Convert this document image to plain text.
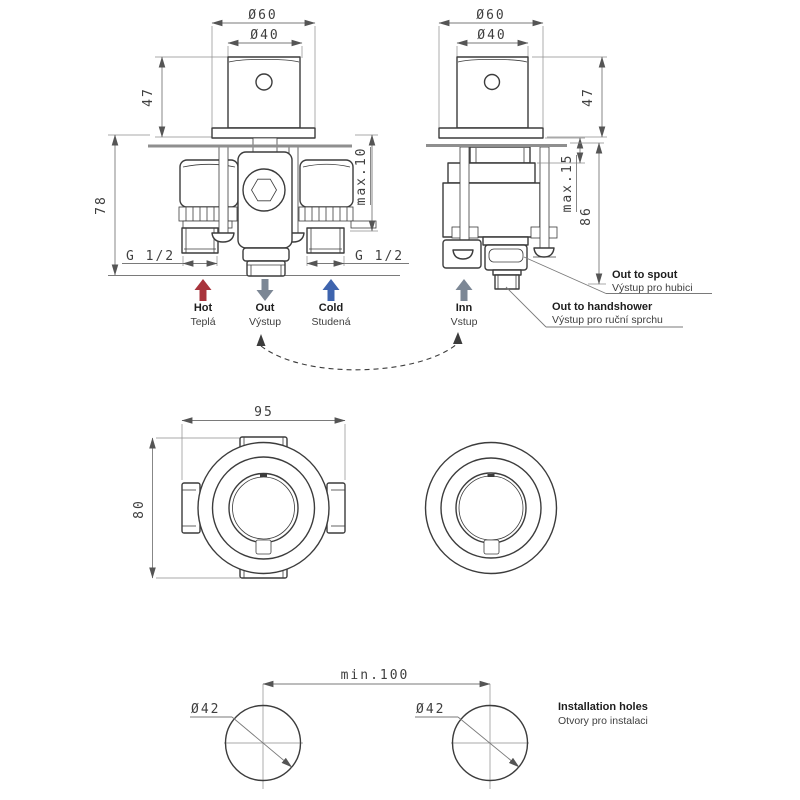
Ø60
Ø40
47
78	max.10
G 1/2	G 1/2
Hot
Teplá
Out
Výstup
Cold
Studená
Ø60
Ø40
47
max.15
86
Inn
Vstup
Out to spout
Výstup pro hubici
Out to handshower
Výstup pro ruční sprchu
95
80
min.100
Ø42	Ø42	Installation holes
Otvory pro instalaci
